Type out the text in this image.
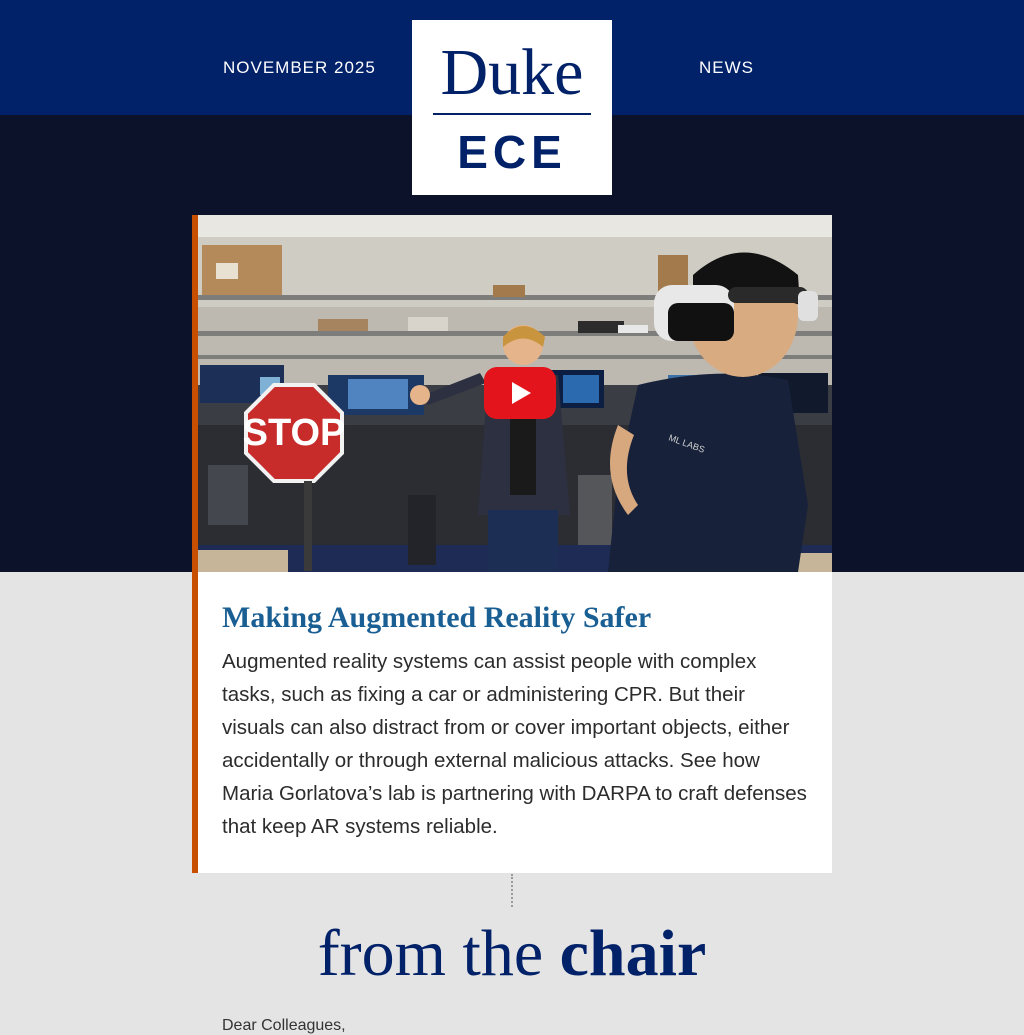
NOVEMBER 2025	NEWS
Duke
ECE
STOP	ML LABS
Making Augmented Reality Safer

Augmented reality systems can assist people with complex tasks, such as fixing a car or administering CPR. But their visuals can also distract from or cover important objects, either accidentally or through external malicious attacks. See how Maria Gorlatova’s lab is partnering with DARPA to craft defenses that keep AR systems reliable.

from the chair
Dear Colleagues,
